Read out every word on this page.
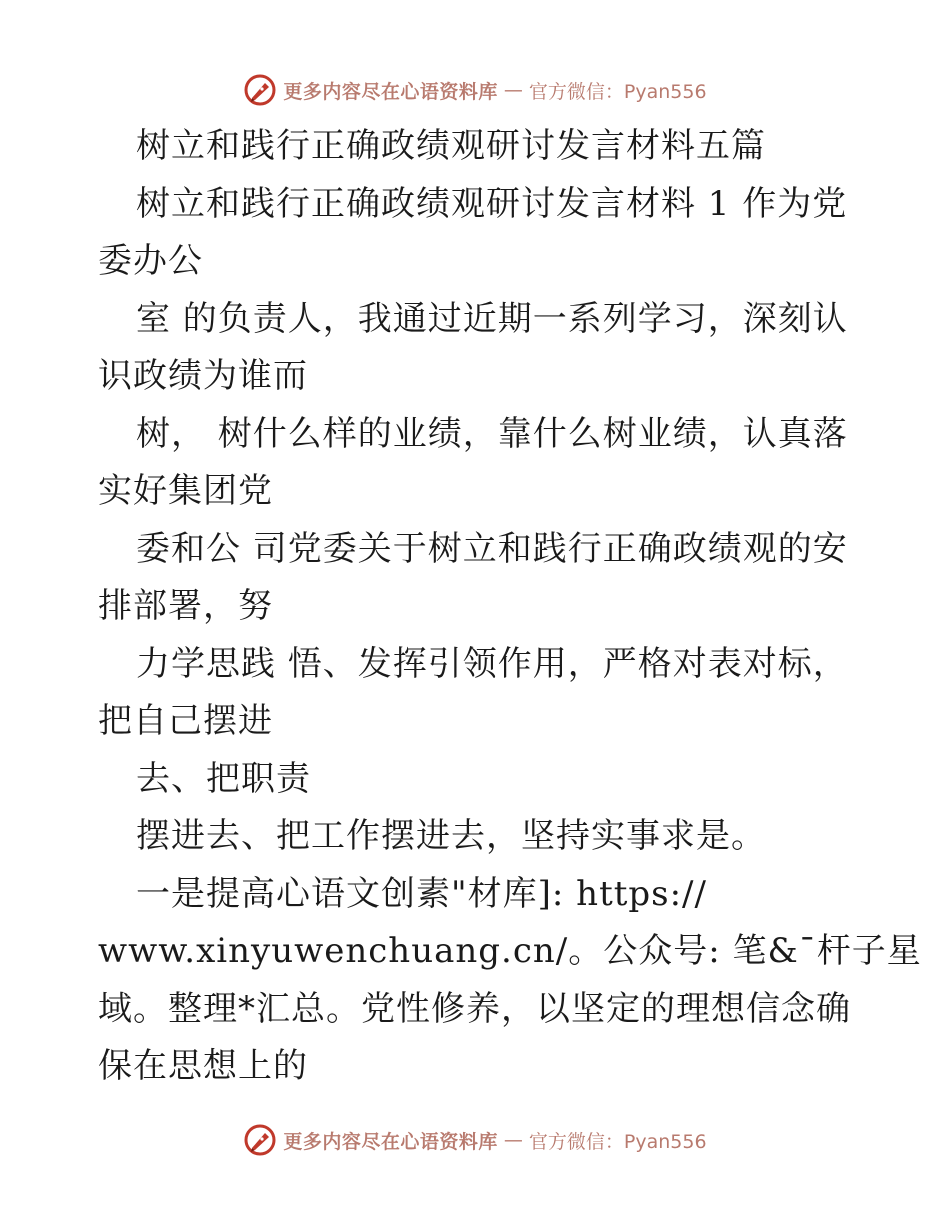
更多内容尽在心语资料库 — 官方微信：Pyan556
树立和践行正确政绩观研讨发言材料五篇
树立和践行正确政绩观研讨发言材料 1 作为党
委办公
室 的负责人，我通过近期一系列学习，深刻认
识政绩为谁而
树， 树什么样的业绩，靠什么树业绩，认真落
实好集团党
委和公 司党委关于树立和践行正确政绩观的安
排部署，努
力学思践 悟、发挥引领作用，严格对表对标，
把自己摆进
去、把职责
摆进去、把工作摆进去，坚持实事求是。
一是提高心语文创素"材库]: https://
www.xinyuwenchuang.cn/。公众号: 笔&¯杆子星
域。整理*汇总。党性修养，以坚定的理想信念确
保在思想上的
更多内容尽在心语资料库 — 官方微信：Pyan556
